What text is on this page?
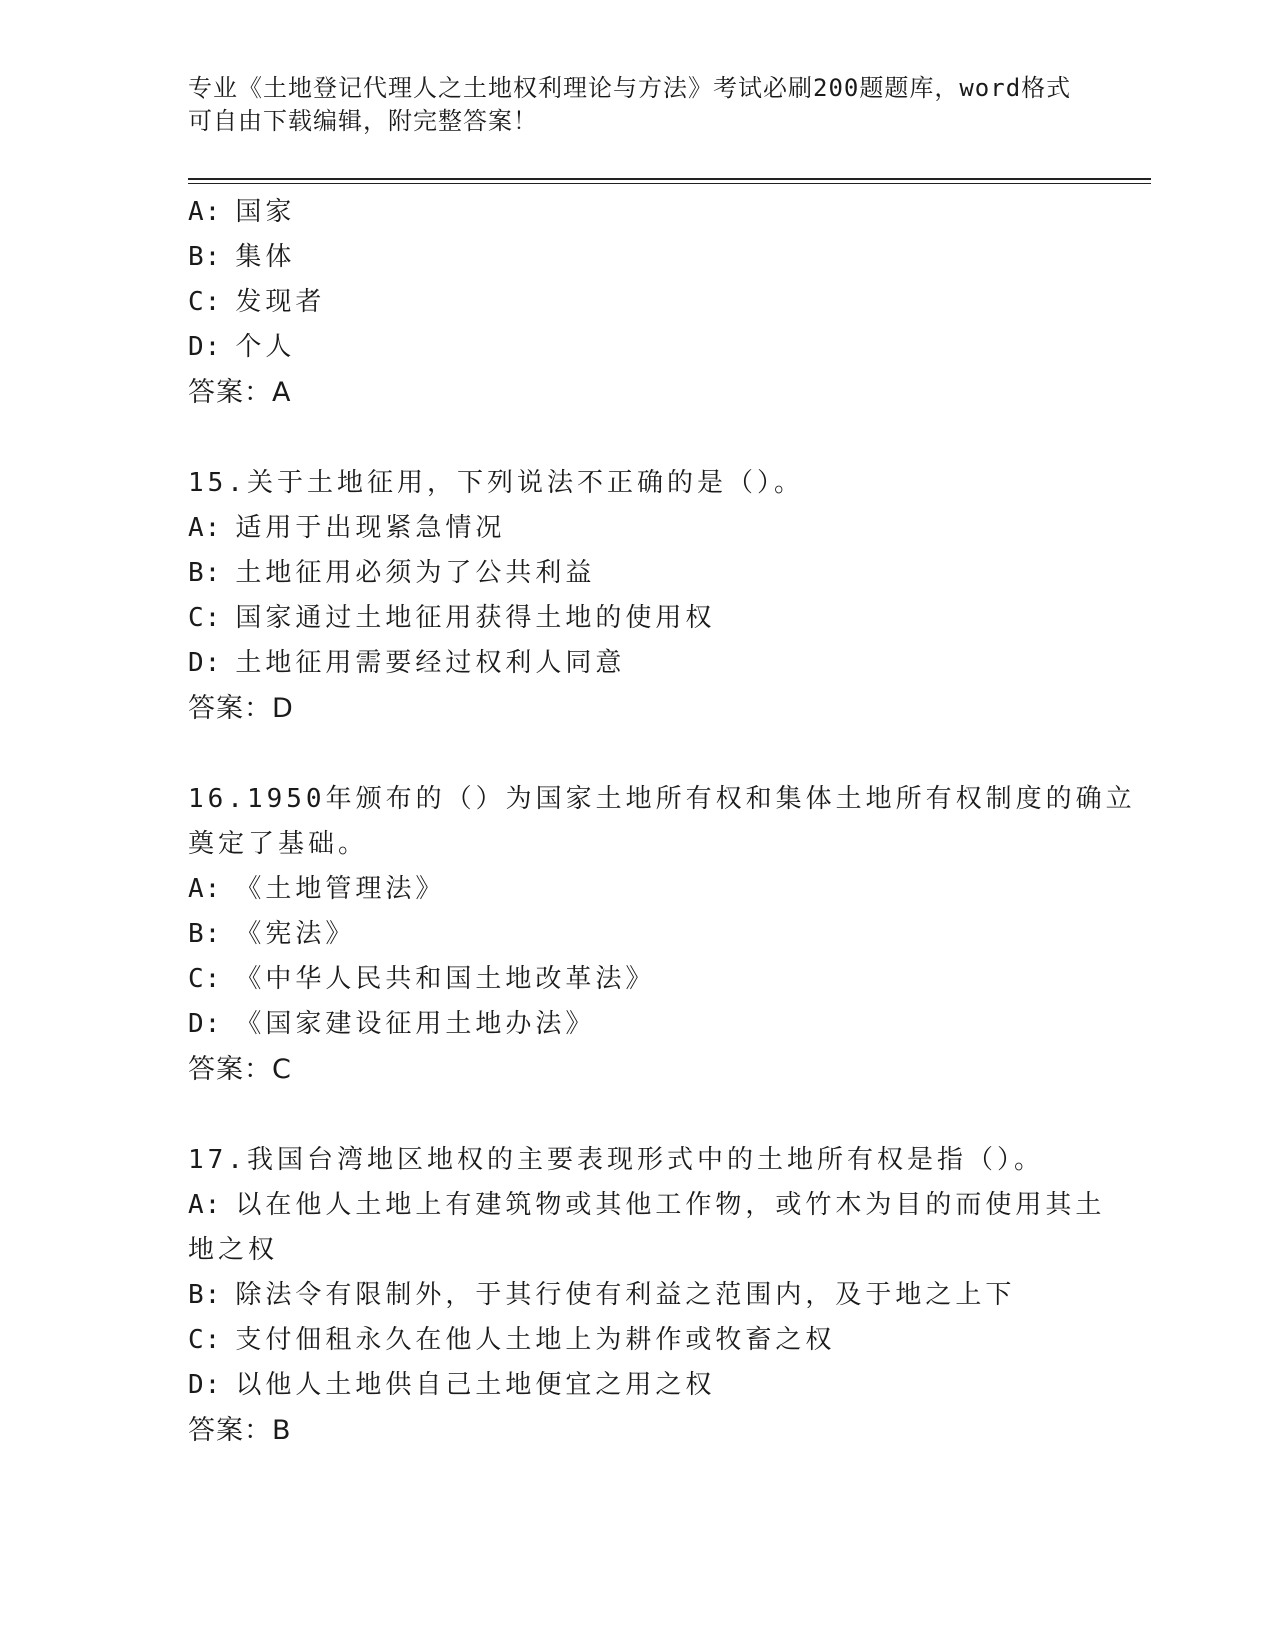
专业《土地登记代理人之土地权利理论与方法》考试必刷200题题库，word格式
可自由下载编辑，附完整答案！
A: 国家
B: 集体
C: 发现者
D: 个人
答案：A
15.关于土地征用，下列说法不正确的是（）。
A: 适用于出现紧急情况
B: 土地征用必须为了公共利益
C: 国家通过土地征用获得土地的使用权
D: 土地征用需要经过权利人同意
答案：D
16.1950年颁布的（）为国家土地所有权和集体土地所有权制度的确立
奠定了基础。
A: 《土地管理法》
B: 《宪法》
C: 《中华人民共和国土地改革法》
D: 《国家建设征用土地办法》
答案：C
17.我国台湾地区地权的主要表现形式中的土地所有权是指（）。
A: 以在他人土地上有建筑物或其他工作物，或竹木为目的而使用其土
地之权
B: 除法令有限制外，于其行使有利益之范围内，及于地之上下
C: 支付佃租永久在他人土地上为耕作或牧畜之权
D: 以他人土地供自己土地便宜之用之权
答案：B
